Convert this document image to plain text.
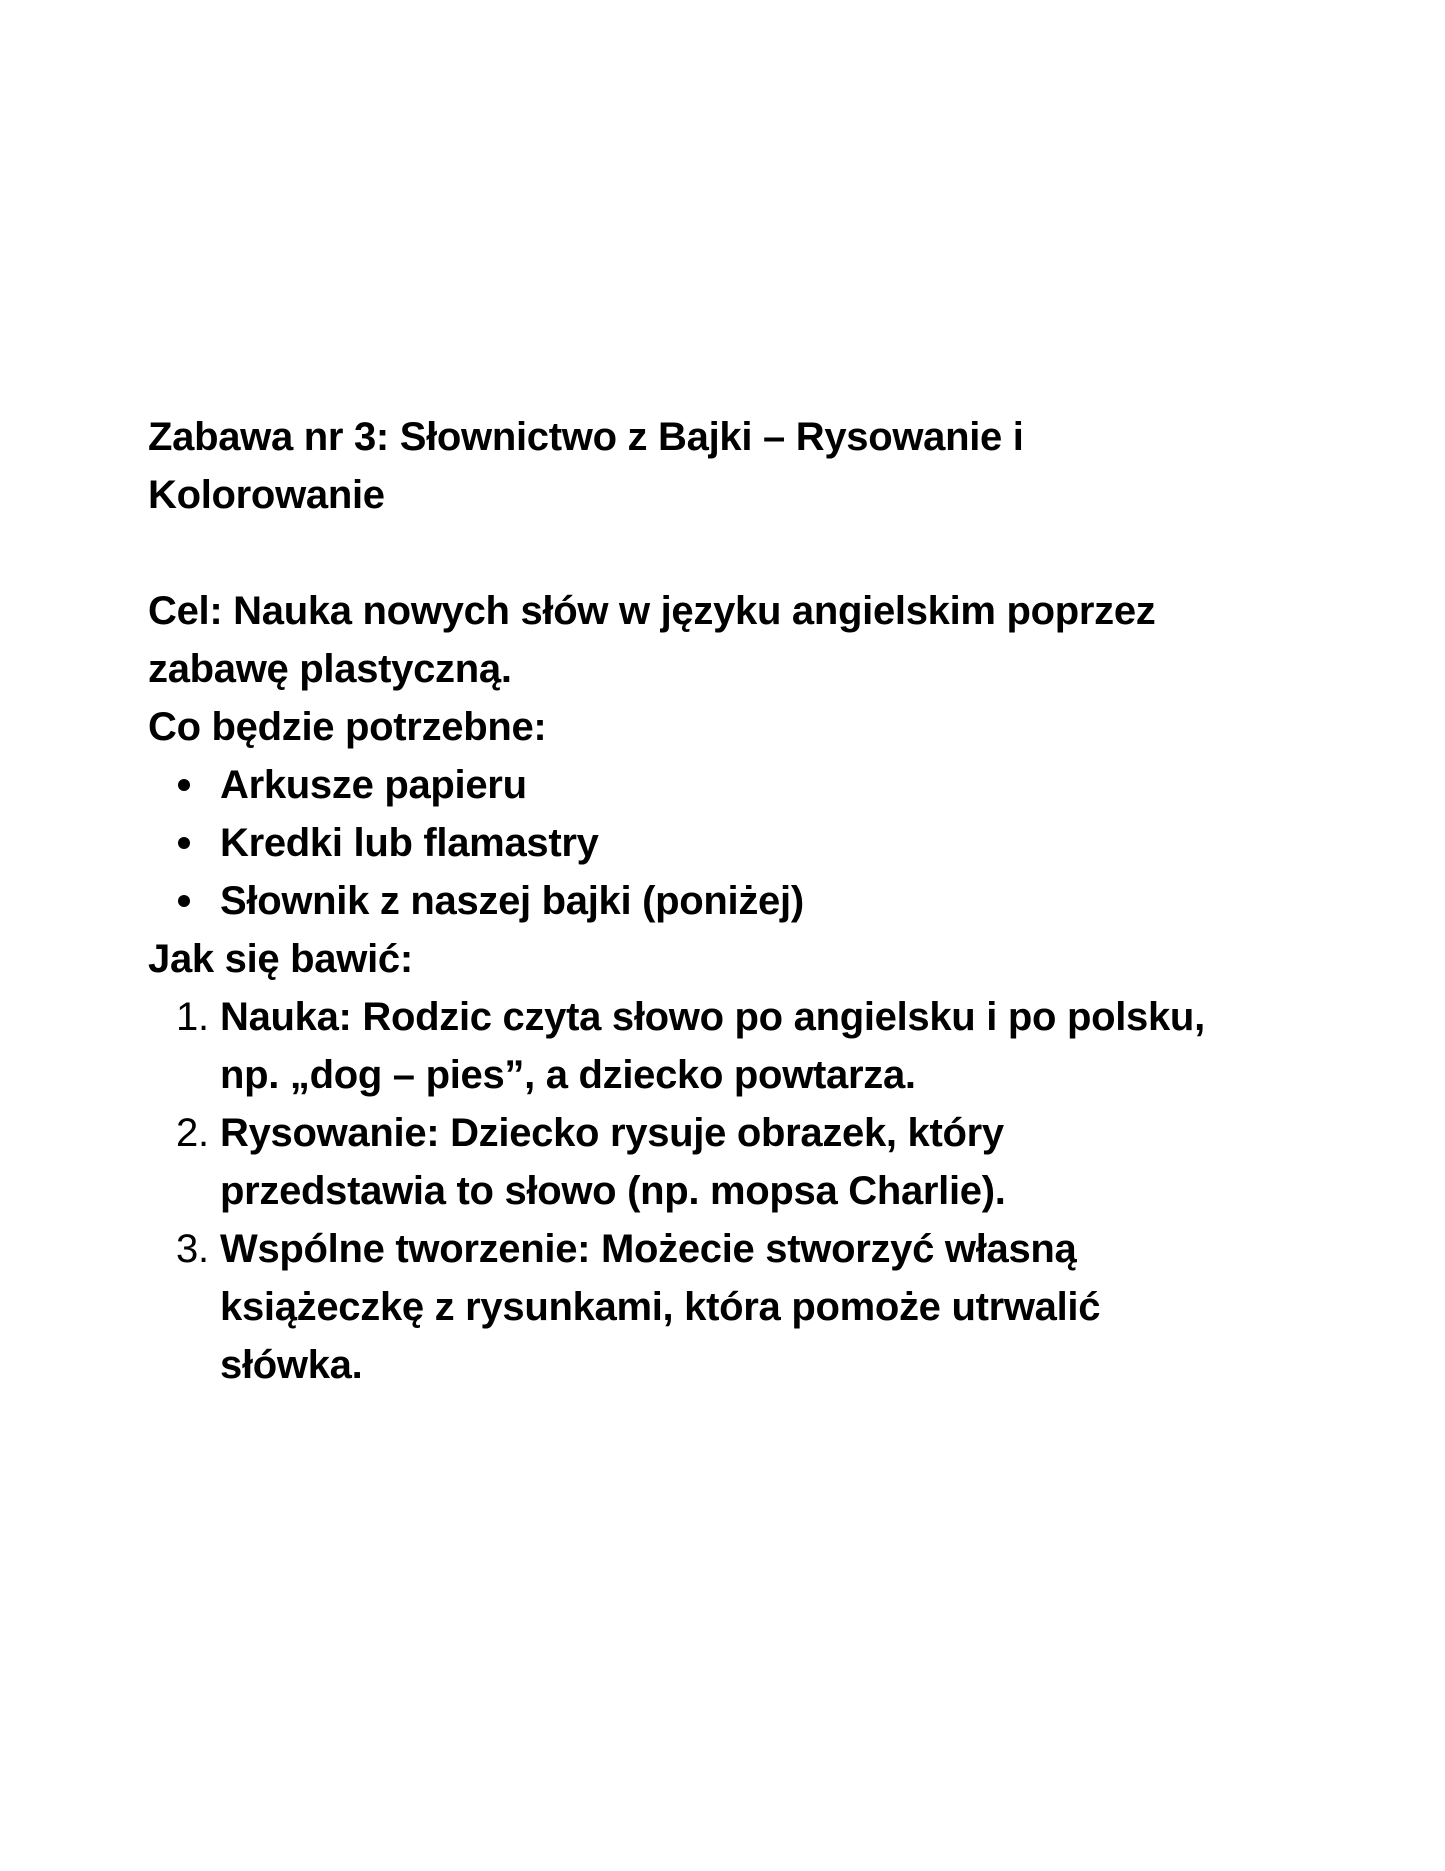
Zabawa nr 3: Słownictwo z Bajki – Rysowanie i Kolorowanie

Cel: Nauka nowych słów w języku angielskim poprzez zabawę plastyczną.

Co będzie potrzebne:

Arkusze papieru
Kredki lub flamastry
Słownik z naszej bajki (poniżej)

Jak się bawić:

1. Nauka: Rodzic czyta słowo po angielsku i po polsku, np. „dog – pies”, a dziecko powtarza.
2. Rysowanie: Dziecko rysuje obrazek, który przedstawia to słowo (np. mopsa Charlie).
3. Wspólne tworzenie: Możecie stworzyć własną książeczkę z rysunkami, która pomoże utrwalić słówka.
